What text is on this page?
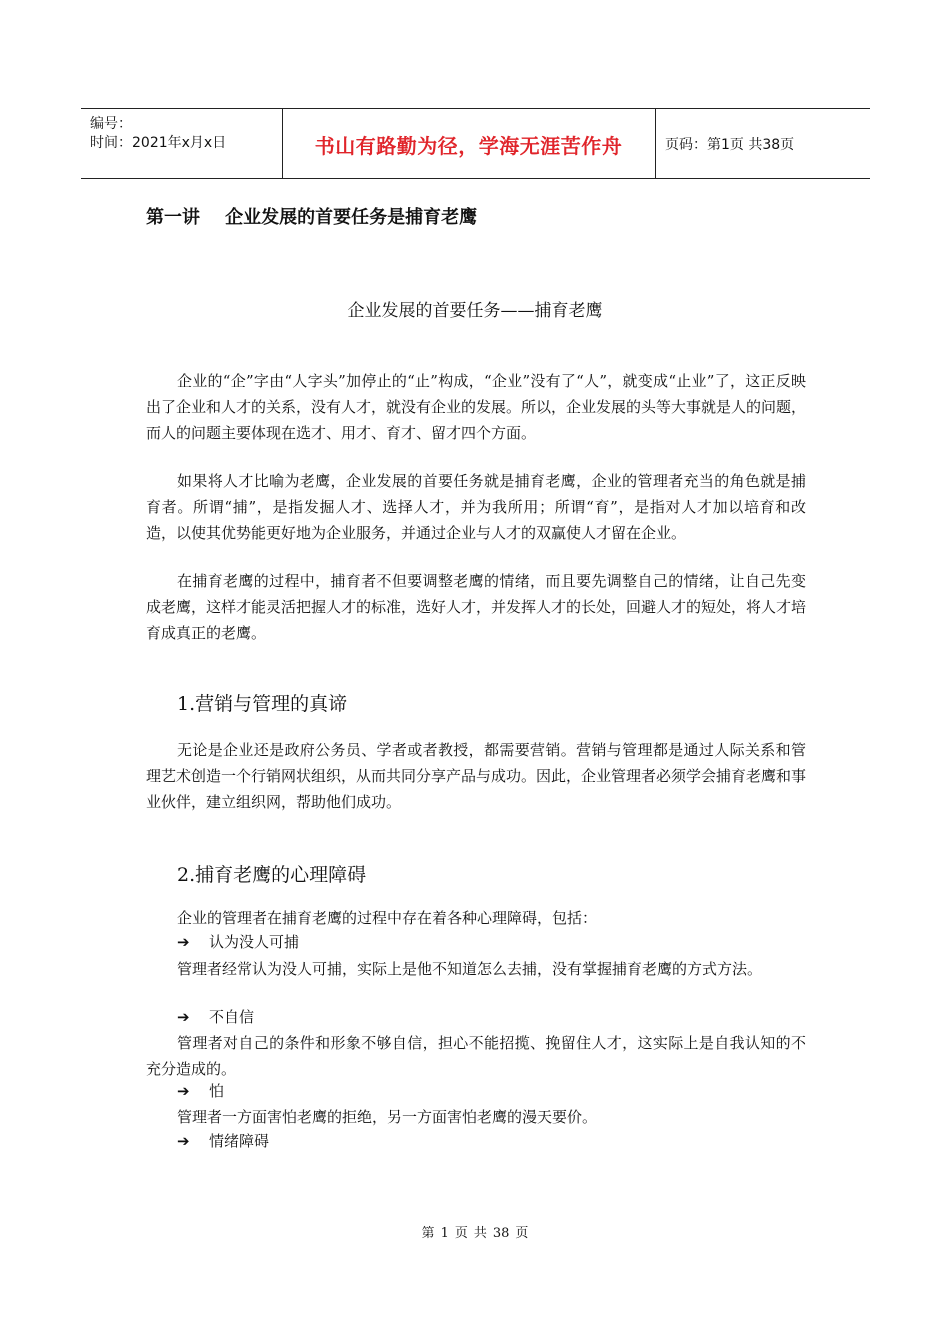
编号：
时间：2021年x月x日	书山有路勤为径，学海无涯苦作舟	页码：第1页 共38页
第一讲    企业发展的首要任务是捕育老鹰
企业发展的首要任务——捕育老鹰

企业的“企”字由“人字头”加停止的“止”构成，“企业”没有了“人”，就变成“止业”了，这正反映出了企业和人才的关系，没有人才，就没有企业的发展。所以，企业发展的头等大事就是人的问题，而人的问题主要体现在选才、用才、育才、留才四个方面。

如果将人才比喻为老鹰，企业发展的首要任务就是捕育老鹰，企业的管理者充当的角色就是捕育者。所谓“捕”，是指发掘人才、选择人才，并为我所用；所谓“育”，是指对人才加以培育和改造，以使其优势能更好地为企业服务，并通过企业与人才的双赢使人才留在企业。

在捕育老鹰的过程中，捕育者不但要调整老鹰的情绪，而且要先调整自己的情绪，让自己先变成老鹰，这样才能灵活把握人才的标准，选好人才，并发挥人才的长处，回避人才的短处，将人才培育成真正的老鹰。

1.营销与管理的真谛

无论是企业还是政府公务员、学者或者教授，都需要营销。营销与管理都是通过人际关系和管理艺术创造一个行销网状组织，从而共同分享产品与成功。因此，企业管理者必须学会捕育老鹰和事业伙伴，建立组织网，帮助他们成功。

2.捕育老鹰的心理障碍

企业的管理者在捕育老鹰的过程中存在着各种心理障碍，包括：

➔ 认为没人可捕

管理者经常认为没人可捕，实际上是他不知道怎么去捕，没有掌握捕育老鹰的方式方法。

➔ 不自信

管理者对自己的条件和形象不够自信，担心不能招揽、挽留住人才，这实际上是自我认知的不充分造成的。

➔ 怕

管理者一方面害怕老鹰的拒绝，另一方面害怕老鹰的漫天要价。

➔ 情绪障碍
第 1 页 共 38 页
